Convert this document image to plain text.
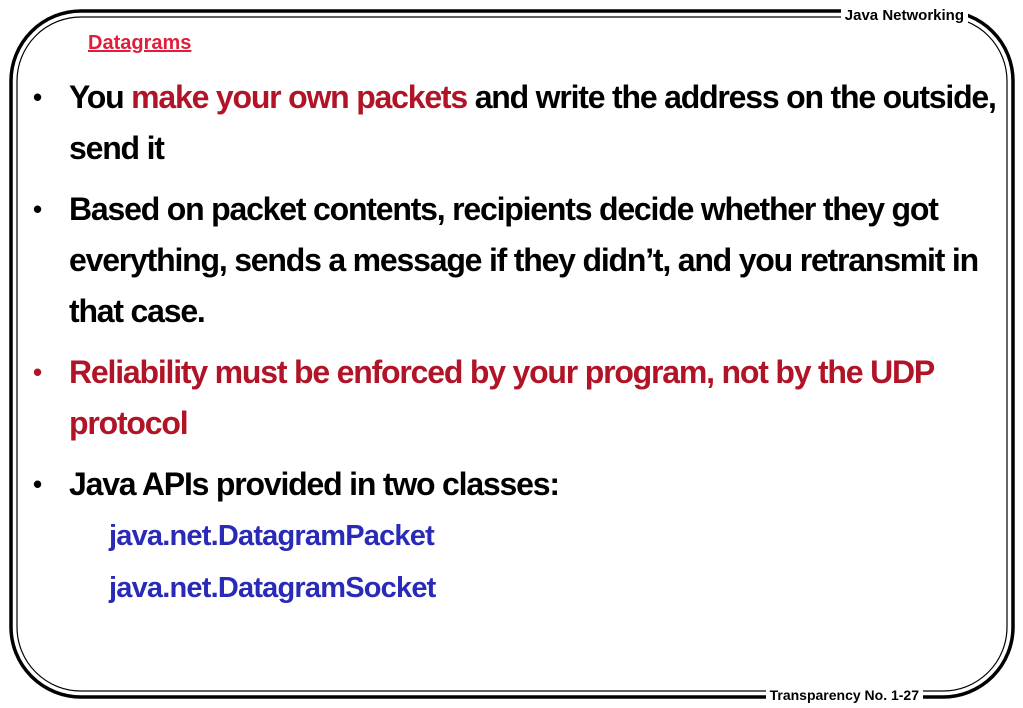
Java Networking
Datagrams
• You make your own packets and write the address on the outside, send it
• Based on packet contents, recipients decide whether they got everything, sends a message if they didn’t, and you retransmit in that case.
• Reliability must be enforced by your program, not by the UDP protocol
• Java APIs provided in two classes:
java.net.DatagramPacket
java.net.DatagramSocket
Transparency No. 1-27
